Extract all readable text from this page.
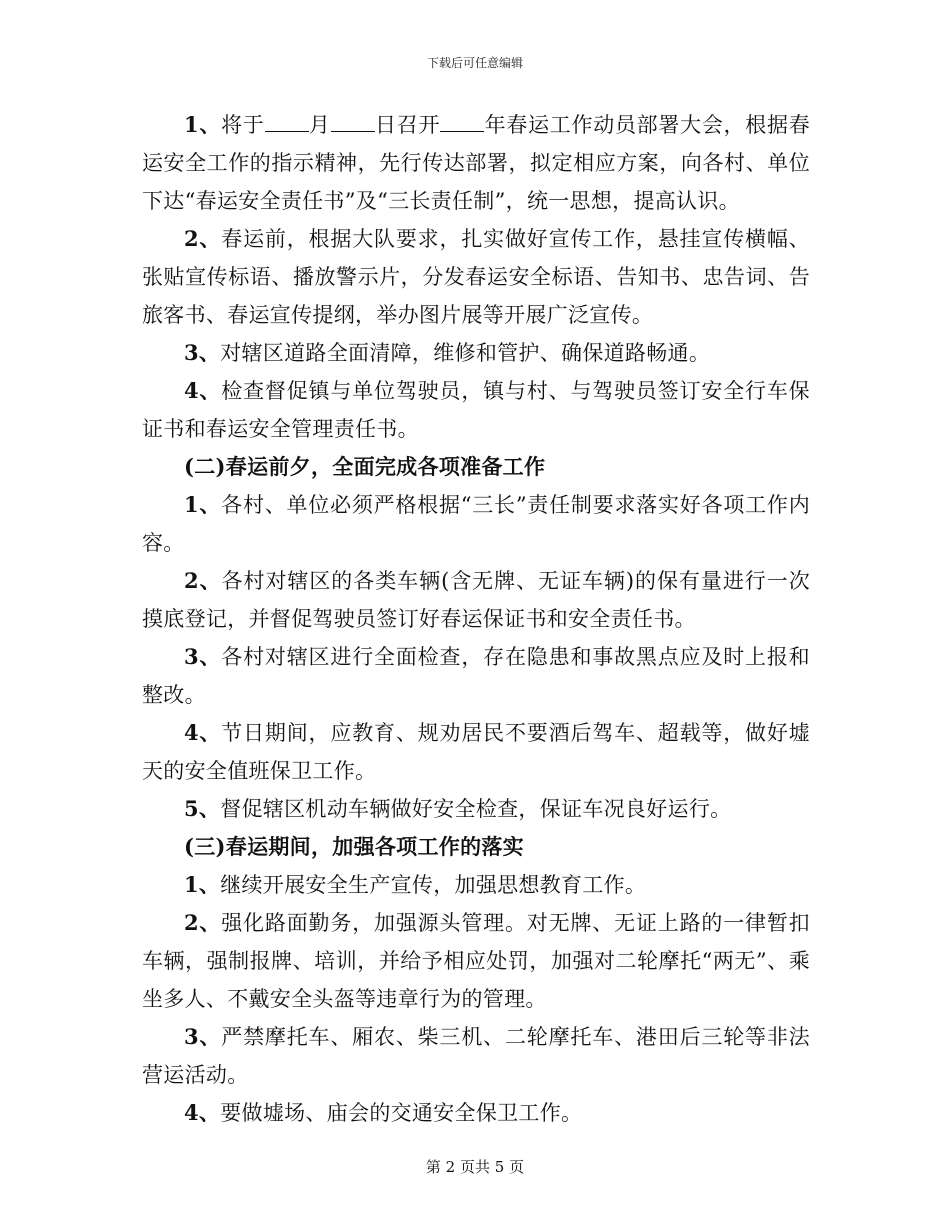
下载后可任意编辑

1、将于 月 日召开 年春运工作动员部署大会，根据春运安全工作的指示精神，先行传达部署，拟定相应方案，向各村、单位下达“春运安全责任书”及“三长责任制”，统一思想，提高认识。

2、春运前，根据大队要求，扎实做好宣传工作，悬挂宣传横幅、张贴宣传标语、播放警示片，分发春运安全标语、告知书、忠告词、告旅客书、春运宣传提纲，举办图片展等开展广泛宣传。

3、对辖区道路全面清障，维修和管护、确保道路畅通。

4、检查督促镇与单位驾驶员，镇与村、与驾驶员签订安全行车保证书和春运安全管理责任书。

(二)春运前夕，全面完成各项准备工作

1、各村、单位必须严格根据“三长”责任制要求落实好各项工作内容。

2、各村对辖区的各类车辆(含无牌、无证车辆)的保有量进行一次摸底登记，并督促驾驶员签订好春运保证书和安全责任书。

3、各村对辖区进行全面检查，存在隐患和事故黑点应及时上报和整改。

4、节日期间，应教育、规劝居民不要酒后驾车、超载等，做好墟天的安全值班保卫工作。

5、督促辖区机动车辆做好安全检查，保证车况良好运行。

(三)春运期间，加强各项工作的落实

1、继续开展安全生产宣传，加强思想教育工作。

2、强化路面勤务，加强源头管理。对无牌、无证上路的一律暂扣车辆，强制报牌、培训，并给予相应处罚，加强对二轮摩托“两无”、乘坐多人、不戴安全头盔等违章行为的管理。

3、严禁摩托车、厢农、柴三机、二轮摩托车、港田后三轮等非法营运活动。

4、要做墟场、庙会的交通安全保卫工作。

第 2 页共 5 页
